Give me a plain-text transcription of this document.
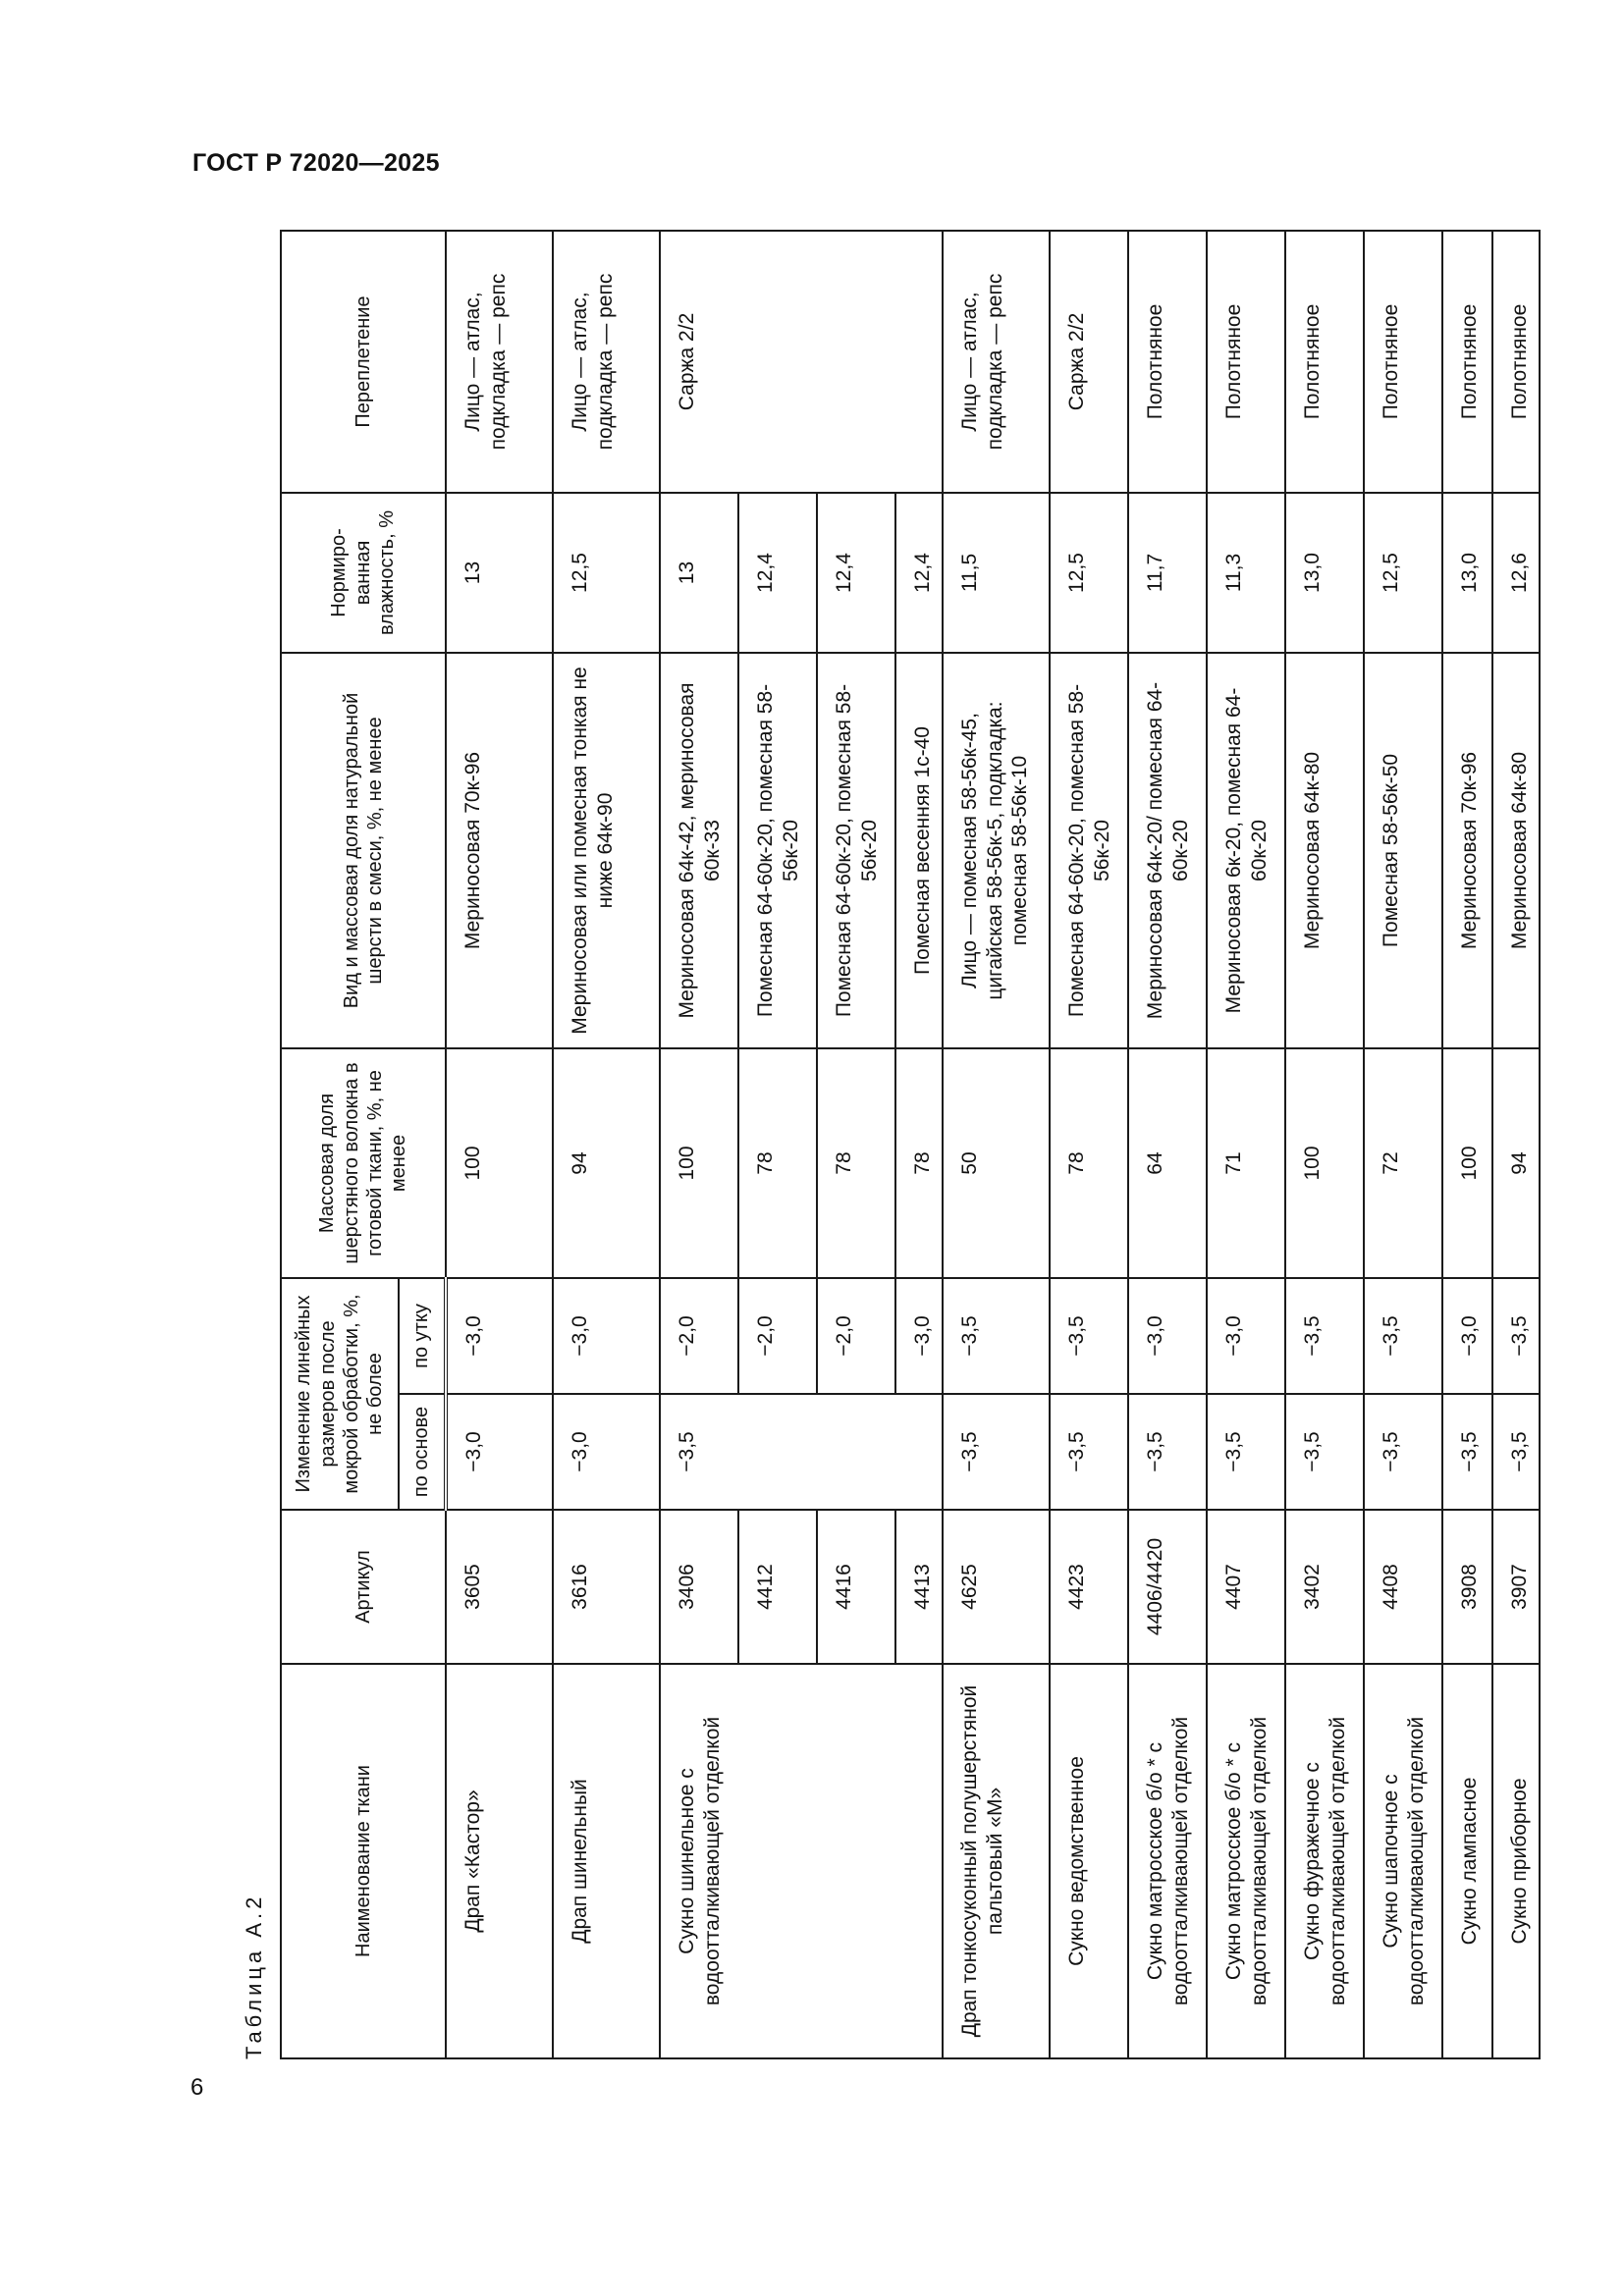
ГОСТ Р 72020—2025
Таблица А.2
Наименование ткани	Артикул	Изменение линейных размеров после мокрой обработки, %, не более		Массовая доля шерстяного волокна в готовой ткани, %, не менее	Вид и массовая доля натуральной шерсти в смеси, %, не менее	Нормиро-ванная влажность, %	Переплетение
		по основе	по утку				
Драп «Кастор»	3605	−3,0	−3,0	100	Мериносовая 70к-96	13	Лицо — атлас, подкладка — репс
Драп шинельный	3616	−3,0	−3,0	94	Мериносовая или помесная тонкая не ниже 64к-90	12,5	Лицо — атлас, подкладка — репс
Сукно шинельное с водоотталкивающей отделкой	3406	−3,5	−2,0	100	Мериносовая 64к-42, мериносовая 60к-33	13	Саржа 2/2
	4412		−2,0	78	Помесная 64-60к-20, помесная 58-56к-20	12,4	
	4416		−2,0	78	Помесная 64-60к-20, помесная 58-56к-20	12,4	
	4413		−3,0	78	Помесная весенняя 1с-40	12,4	
Драп тонкосуконный полушерстяной пальтовый «М»	4625	−3,5	−3,5	50	Лицо — помесная 58-56к-45, цигайская 58-56к-5, подкладка: помесная 58-56к-10	11,5	Лицо — атлас, подкладка — репс
Сукно ведомственное	4423	−3,5	−3,5	78	Помесная 64-60к-20, помесная 58-56к-20	12,5	Саржа 2/2
Сукно матросское б/о * с водоотталкивающей отделкой	4406/4420	−3,5	−3,0	64	Мериносовая 64к-20/ помесная 64-60к-20	11,7	Полотняное
Сукно матросское б/о * с водоотталкивающей отделкой	4407	−3,5	−3,0	71	Мериносовая 6к-20, помесная 64-60к-20	11,3	Полотняное
Сукно фуражечное с водоотталкивающей отделкой	3402	−3,5	−3,5	100	Мериносовая 64к-80	13,0	Полотняное
Сукно шапочное с водоотталкивающей отделкой	4408	−3,5	−3,5	72	Помесная 58-56к-50	12,5	Полотняное
Сукно лампасное	3908	−3,5	−3,0	100	Мериносовая 70к-96	13,0	Полотняное
Сукно приборное	3907	−3,5	−3,5	94	Мериносовая 64к-80	12,6	Полотняное
6
